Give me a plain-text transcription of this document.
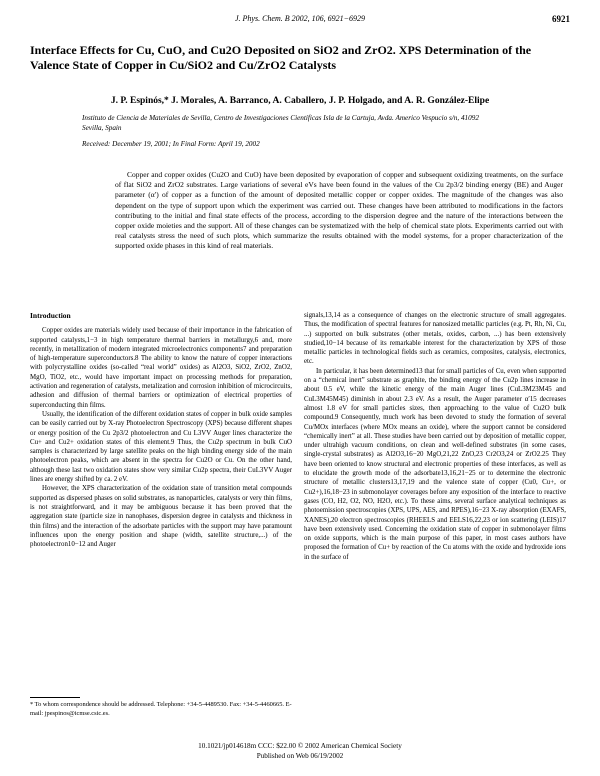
J. Phys. Chem. B 2002, 106, 6921−6929	6921
Interface Effects for Cu, CuO, and Cu2O Deposited on SiO2 and ZrO2. XPS Determination of the Valence State of Copper in Cu/SiO2 and Cu/ZrO2 Catalysts
J. P. Espinós,* J. Morales, A. Barranco, A. Caballero, J. P. Holgado, and A. R. González-Elipe
Instituto de Ciencia de Materiales de Sevilla, Centro de Investigaciones Científicas Isla de la Cartuja, Avda. Americo Vespucio s/n, 41092 Sevilla, Spain
Received: December 19, 2001; In Final Form: April 19, 2002

Copper and copper oxides (Cu2O and CuO) have been deposited by evaporation of copper and subsequent oxidizing treatments, on the surface of flat SiO2 and ZrO2 substrates. Large variations of several eVs have been found in the values of the Cu 2p3/2 binding energy (BE) and Auger parameter (α′) of copper as a function of the amount of deposited metallic copper or copper oxides. The magnitude of the changes was also dependent on the type of support upon which the experiment was carried out. These changes have been attributed to modifications in the factors contributing to the initial and final state effects of the process, according to the dispersion degree and the nature of the interactions between the copper oxide moieties and the support. All of these changes can be systematized with the help of chemical state plots. Experiments carried out with real catalysts stress the need of such plots, which summarize the results obtained with the model systems, for a proper characterization of the supported oxide phases in this kind of real materials.

Introduction

Copper oxides are materials widely used because of their importance in the fabrication of supported catalysts,1−3 in high temperature thermal barriers in metallurgy,6 and, more recently, in metallization of modern integrated microelectronics components7 and preparation of high-temperature superconductors.8 The ability to know the nature of copper interactions with polycrystalline oxides (so-called “real world” oxides) as Al2O3, SiO2, ZrO2, ZnO2, MgO, TiO2, etc., would have important impact on processing methods for preparation, activation and regeneration of catalysts, metalization and corrosion inhibition of microcircuits, adhesion and diffusion of thermal barriers or optimization of electrical properties of superconducting thin films.

Usually, the identification of the different oxidation states of copper in bulk oxide samples can be easily carried out by X-ray Photoelectron Spectroscopy (XPS) because different shapes or energy position of the Cu 2p3/2 photoelectron and Cu L3VV Auger lines characterize the Cu+ and Cu2+ oxidation states of this element.9 Thus, the Cu2p spectrum in bulk CuO samples is characterized by large satellite peaks on the high binding energy side of the main photoelectron peaks, which are absent in the spectra for Cu2O or Cu. On the other hand, although these last two oxidation states show very similar Cu2p spectra, their CuL3VV Auger lines are energy shifted by ca. 2 eV.

However, the XPS characterization of the oxidation state of transition metal compounds supported as dispersed phases on solid substrates, as nanoparticles, catalysts or very thin films, is not straightforward, and it may be ambiguous because it has been proved that the aggregation state (particle size in nanophases, dispersion degree in catalysts and thickness in thin films) and the interaction of the adsorbate particles with the support may have paramount influences upon the energy position and shape (width, satellite structure,...) of the photoelectron10−12 and Auger

signals,13,14 as a consequence of changes on the electronic structure of small aggregates. Thus, the modification of spectral features for nanosized metallic particles (e.g. Pt, Rh, Ni, Cu, ...) supported on bulk substrates (other metals, oxides, carbon, ...) has been extensively studied,10−14 because of its remarkable interest for the characterization by XPS of those metallic particles in technological fields such as ceramics, composites, catalysis, electronics, etc.

In particular, it has been determined13 that for small particles of Cu, even when supported on a “chemical inert” substrate as graphite, the binding energy of the Cu2p lines increase in about 0.5 eV, while the kinetic energy of the main Auger lines (CuL3M23M45 and CuL3M45M45) diminish in about 2.3 eV. As a result, the Auger parameter α′15 decreases almost 1.8 eV for small particles sizes, then approaching to the value of Cu2O bulk compound.9 Consequently, much work has been devoted to study the formation of several Cu/MOx interfaces (where MOx means an oxide), where the support cannot be considered “chemically inert” at all. These studies have been carried out by deposition of metallic copper, under ultrahigh vacuum conditions, on clean and well-defined substrates (in some cases, single-crystal substrates) as Al2O3,16−20 MgO,21,22 ZnO,23 Cr2O3,24 or ZrO2.25 They have been oriented to know structural and electronic properties of these interfaces, as well as to elucidate the growth mode of the adsorbate13,16,21−25 or to determine the electronic structure of metallic clusters13,17,19 and the valence state of copper (Cu0, Cu+, or Cu2+),16,18−23 in submonolayer coverages before any exposition of the interface to reactive gases (CO, H2, O2, NO, H2O, etc.). To these aims, several surface analytical techniques as photoemission spectroscopies (XPS, UPS, AES, and RPES),16−23 X-ray absorption (EXAFS, XANES),20 electron spectroscopies (RHEELS and EELS16,22,23 or ion scattering (LEIS)17 have been extensively used. Concerning the oxidation state of copper in submonolayer films on oxide supports, which is the main purpose of this paper, in most cases authors have proposed the formation of Cu+ by reaction of the Cu atoms with the oxide and hydroxide ions in the surface of

* To whom correspondence should be addressed. Telephone: +34-5-4489530. Fax: +34-5-4460665. E-mail: jpespinos@icmse.csic.es.
10.1021/jp014618m CCC: $22.00 © 2002 American Chemical Society
Published on Web 06/19/2002
